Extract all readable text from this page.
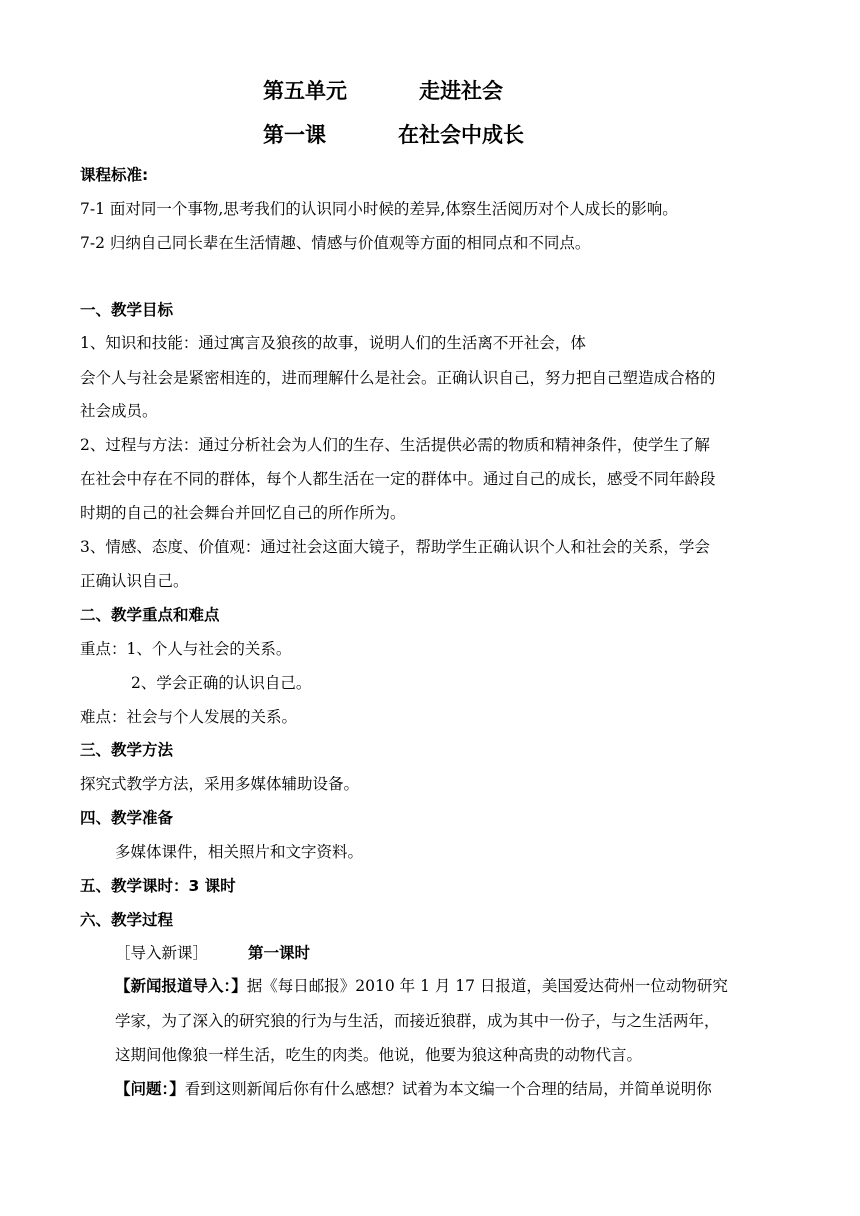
第五单元	走进社会
第一课	在社会中成长
课程标准:
7-1 面对同一个事物,思考我们的认识同小时候的差异,体察生活阅历对个人成长的影响。
7-2 归纳自己同长辈在生活情趣、情感与价值观等方面的相同点和不同点。
一、教学目标
1、知识和技能：通过寓言及狼孩的故事，说明人们的生活离不开社会，体
会个人与社会是紧密相连的，进而理解什么是社会。正确认识自己，努力把自己塑造成合格的
社会成员。
2、过程与方法：通过分析社会为人们的生存、生活提供必需的物质和精神条件，使学生了解
在社会中存在不同的群体，每个人都生活在一定的群体中。通过自己的成长，感受不同年龄段
时期的自己的社会舞台并回忆自己的所作所为。
3、情感、态度、价值观：通过社会这面大镜子，帮助学生正确认识个人和社会的关系，学会
正确认识自己。
二、教学重点和难点
重点：1、个人与社会的关系。
2、学会正确的认识自己。
难点：社会与个人发展的关系。
三、教学方法
探究式教学方法，采用多媒体辅助设备。
四、教学准备
多媒体课件，相关照片和文字资料。
五、教学课时：3 课时
六、教学过程
［导入新课］	第一课时
【新闻报道导入：】据《每日邮报》2010 年 1 月 17 日报道，美国爱达荷州一位动物研究
学家，为了深入的研究狼的行为与生活，而接近狼群，成为其中一份子，与之生活两年，
这期间他像狼一样生活，吃生的肉类。他说，他要为狼这种高贵的动物代言。
【问题：】看到这则新闻后你有什么感想？试着为本文编一个合理的结局，并简单说明你
